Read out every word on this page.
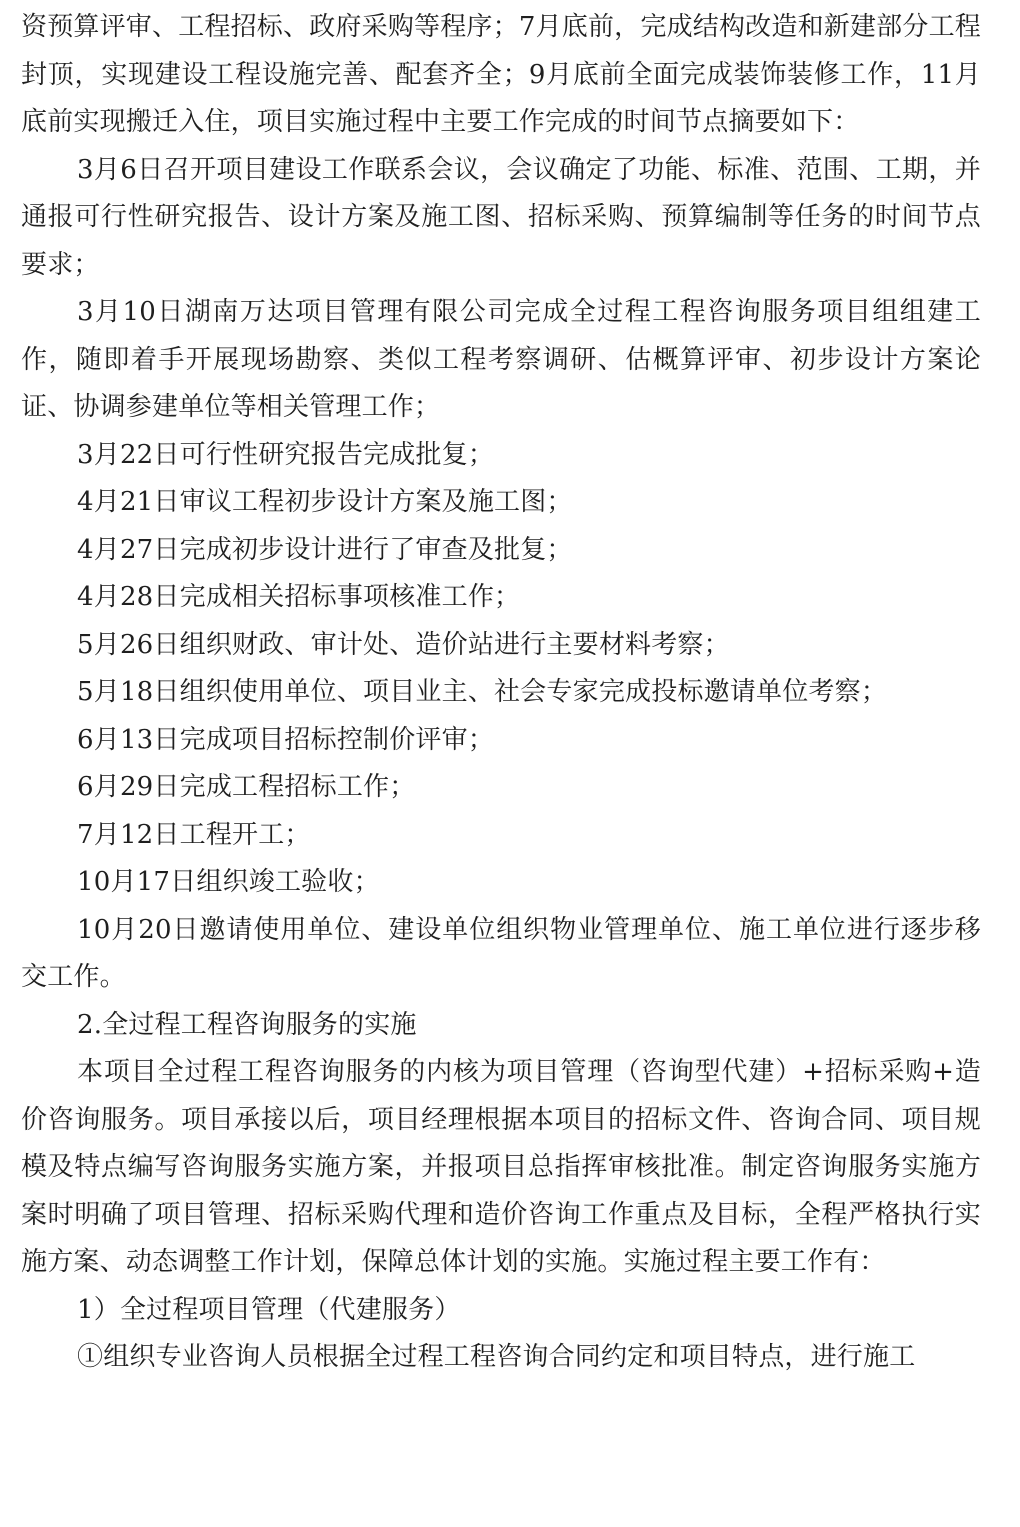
资预算评审、工程招标、政府采购等程序；7月底前，完成结构改造和新建部分工程封顶，实现建设工程设施完善、配套齐全；9月底前全面完成装饰装修工作，11月底前实现搬迁入住，项目实施过程中主要工作完成的时间节点摘要如下：

3月6日召开项目建设工作联系会议，会议确定了功能、标准、范围、工期，并通报可行性研究报告、设计方案及施工图、招标采购、预算编制等任务的时间节点要求；

3月10日湖南万达项目管理有限公司完成全过程工程咨询服务项目组组建工作，随即着手开展现场勘察、类似工程考察调研、估概算评审、初步设计方案论证、协调参建单位等相关管理工作；

3月22日可行性研究报告完成批复；

4月21日审议工程初步设计方案及施工图；

4月27日完成初步设计进行了审查及批复；

4月28日完成相关招标事项核准工作；

5月26日组织财政、审计处、造价站进行主要材料考察；

5月18日组织使用单位、项目业主、社会专家完成投标邀请单位考察；

6月13日完成项目招标控制价评审；

6月29日完成工程招标工作；

7月12日工程开工；

10月17日组织竣工验收；

10月20日邀请使用单位、建设单位组织物业管理单位、施工单位进行逐步移交工作。

2.全过程工程咨询服务的实施

本项目全过程工程咨询服务的内核为项目管理（咨询型代建）+招标采购+造价咨询服务。项目承接以后，项目经理根据本项目的招标文件、咨询合同、项目规模及特点编写咨询服务实施方案，并报项目总指挥审核批准。制定咨询服务实施方案时明确了项目管理、招标采购代理和造价咨询工作重点及目标，全程严格执行实施方案、动态调整工作计划，保障总体计划的实施。实施过程主要工作有：

1）全过程项目管理（代建服务）

①组织专业咨询人员根据全过程工程咨询合同约定和项目特点，进行施工
